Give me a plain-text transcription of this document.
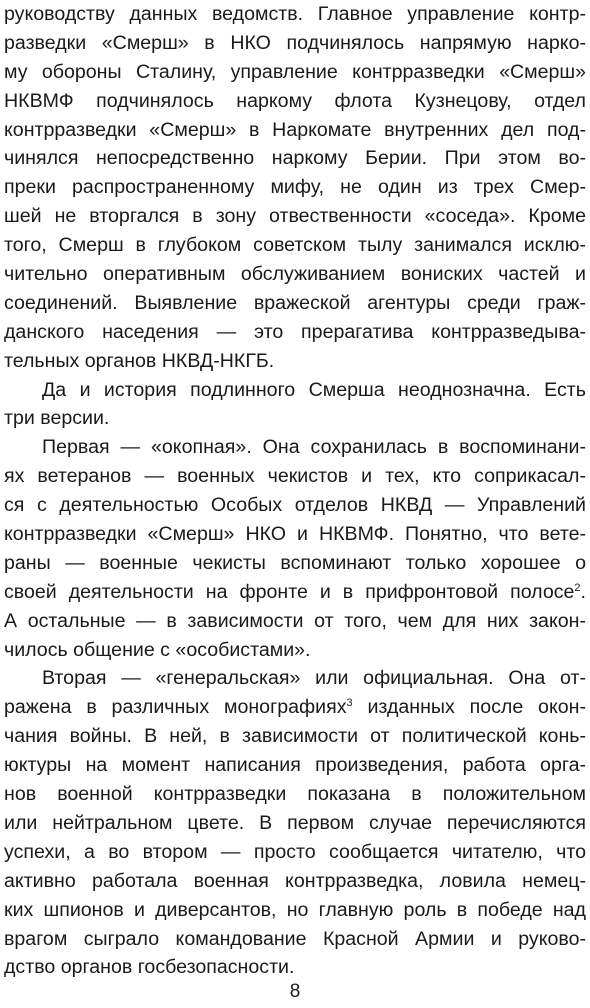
руководству данных ведомств. Главное управление контр-
разведки «Смерш» в НКО подчинялось напрямую нарко-
му обороны Сталину, управление контрразведки «Смерш»
НКВМФ подчинялось наркому флота Кузнецову, отдел
контрразведки «Смерш» в Наркомате внутренних дел под-
чинялся непосредственно наркому Берии. При этом во-
преки распространенному мифу, не один из трех Смер-
шей не вторгался в зону отвественности «соседа». Кроме
того, Смерш в глубоком советском тылу занимался исклю-
чительно оперативным обслуживанием вониских частей и
соединений. Выявление вражеской агентуры среди граж-
данского наседения — это прерагатива контрразведыва-
тельных органов НКВД-НКГБ.
Да и история подлинного Смерша неоднозначна. Есть
три версии.
Первая — «окопная». Она сохранилась в воспоминани-
ях ветеранов — военных чекистов и тех, кто соприкасал-
ся с деятельностью Особых отделов НКВД — Управлений
контрразведки «Смерш» НКО и НКВМФ. Понятно, что вете-
раны — военные чекисты вспоминают только хорошее о
своей деятельности на фронте и в прифронтовой полосе$^2$.
А остальные — в зависимости от того, чем для них закон-
чилось общение с «особистами».
Вторая — «генеральская» или официальная. Она от-
ражена в различных монографиях$^3$ изданных после окон-
чания войны. В ней, в зависимости от политической конь-
юктуры на момент написания произведения, работа орга-
нов военной контрразведки показана в положительном
или нейтральном цвете. В первом случае перечисляются
успехи, а во втором — просто сообщается читателю, что
активно работала военная контрразведка, ловила немец-
ких шпионов и диверсантов, но главную роль в победе над
врагом сыграло командование Красной Армии и руково-
дство органов госбезопасности.
8
